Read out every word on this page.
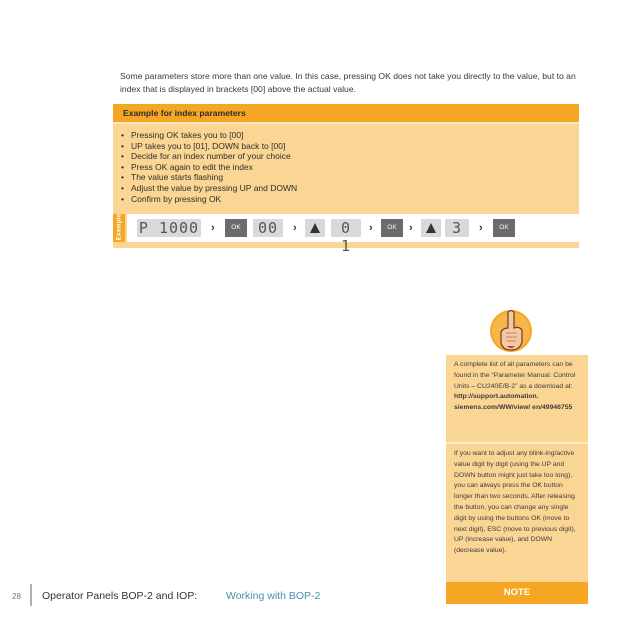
Some parameters store more than one value. In this case, pressing OK does not take you directly to the value, but to an index that is displayed in brackets [00] above the actual value.
Example for index parameters
• Pressing OK takes you to [00]
• UP takes you to [01], DOWN back to [00]
• Decide for an index number of your choice
• Press OK again to edit the index
• The value starts flashing
• Adjust the value by pressing UP and DOWN
• Confirm by pressing OK
Example P 1000 ›	OK	00	›	0 1
›	OK	›	3	›	OK
A complete list of all parameters can be found in the “Parameter Manual: Control Units – CU240E/B-2” as a download at: http://support.automation. siemens.com/WW/view/ en/49946755
If you want to adjust any blink-ing/active value digit by digit (using the UP and DOWN button might just take too long), you can always press the OK button longer than two seconds. After releasing the button, you can change any single digit by using the buttons OK (move to next digit), ESC (move to previous digit), UP (increase value), and DOWN (decrease value).
NOTE
28 Operator Panels BOP-2 and IOP:	Working with BOP-2
